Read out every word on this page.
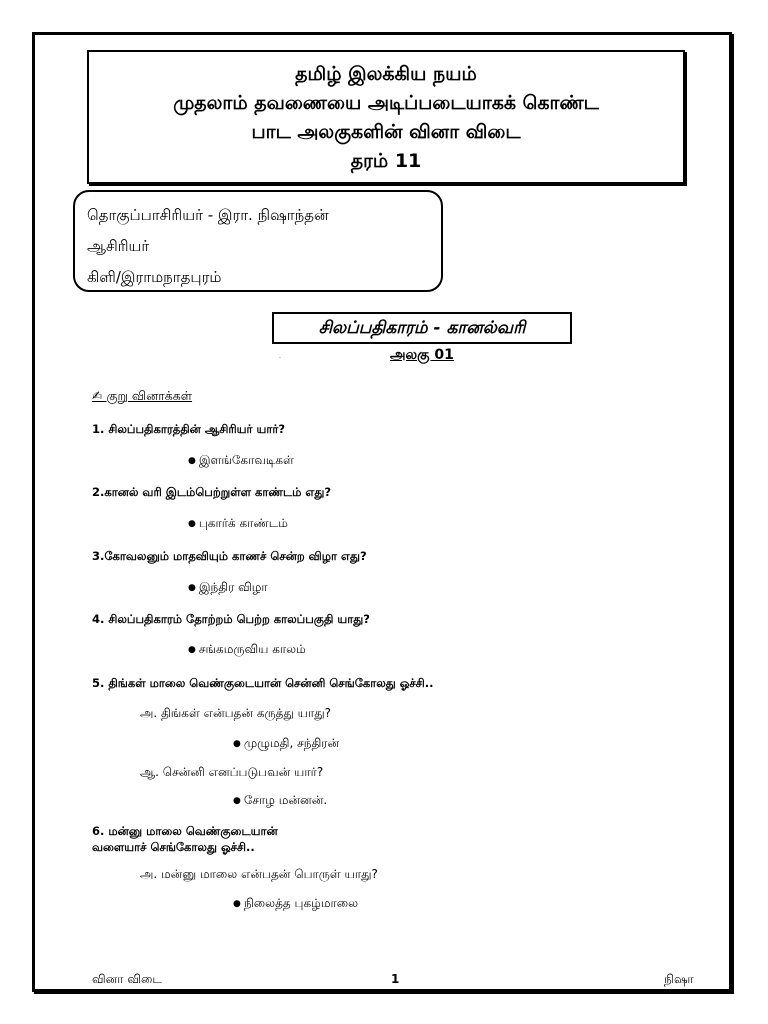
தமிழ் இலக்கிய நயம்
முதலாம் தவணையை அடிப்படையாகக் கொண்ட
பாட அலகுகளின் வினா விடை
தரம் 11
தொகுப்பாசிரியர் - இரா. நிஷாந்தன்
ஆசிரியர்
கிளி/இராமநாதபுரம்
சிலப்பதிகாரம் - கானல்வரி
.	அலகு 01
✍ குறு வினாக்கள்
1. சிலப்பதிகாரத்தின் ஆசிரியர் யார்?
● இளங்கோவடிகள்
2.கானல் வரி இடம்பெற்றுள்ள காண்டம் எது?
● புகார்க் காண்டம்
3.கோவலனும் மாதவியும் காணச் சென்ற விழா எது?
● இந்திர விழா
4. சிலப்பதிகாரம் தோற்றம் பெற்ற காலப்பகுதி யாது?
● சங்கமருவிய காலம்
5. திங்கள் மாலை வெண்குடையான் சென்னி செங்கோலது ஓச்சி..
அ. திங்கள் என்பதன் கருத்து யாது?
● முழுமதி, சந்திரன்
ஆ. சென்னி எனப்படுபவன் யார்?
● சோழ மன்னன்.
6. மன்னு மாலை வெண்குடையான்
வளையாச் செங்கோலது ஓச்சி..
அ. மன்னு மாலை என்பதன் பொருள் யாது?
● நிலைத்த புகழ்மாலை
வினா விடை	1	நிஷா
